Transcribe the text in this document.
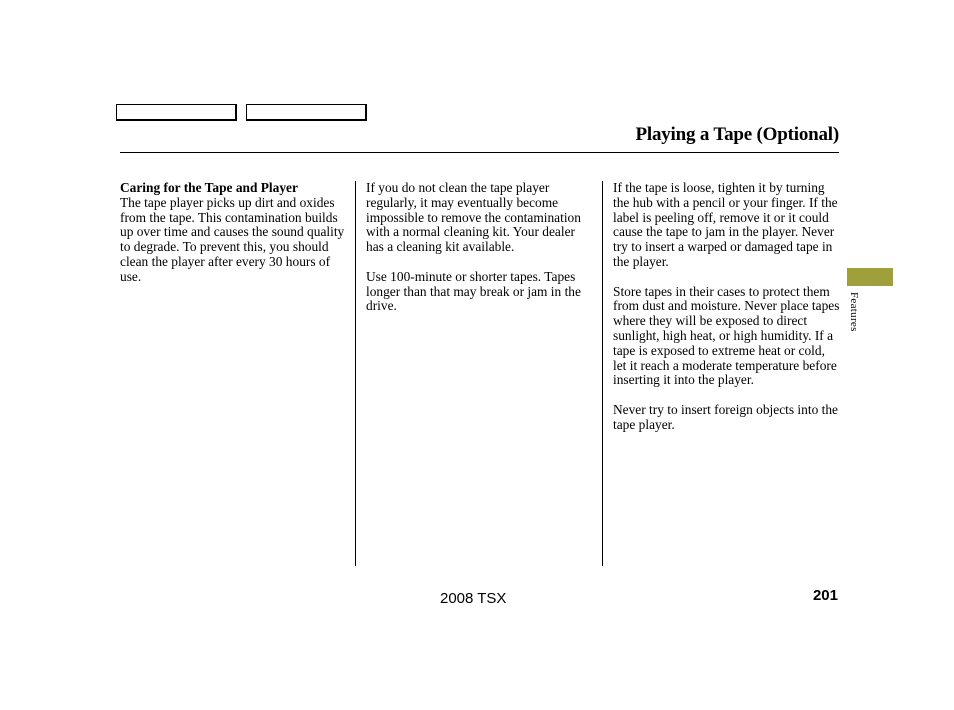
Playing a Tape (Optional)

Caring for the Tape and Player
The tape player picks up dirt and oxides from the tape. This contamination builds up over time and causes the sound quality to degrade. To prevent this, you should clean the player after every 30 hours of use.

If you do not clean the tape player regularly, it may eventually become impossible to remove the contamination with a normal cleaning kit. Your dealer has a cleaning kit available.

Use 100-minute or shorter tapes. Tapes longer than that may break or jam in the drive.

If the tape is loose, tighten it by turning the hub with a pencil or your finger. If the label is peeling off, remove it or it could cause the tape to jam in the player. Never try to insert a warped or damaged tape in the player.

Store tapes in their cases to protect them from dust and moisture. Never place tapes where they will be exposed to direct sunlight, high heat, or high humidity. If a tape is exposed to extreme heat or cold, let it reach a moderate temperature before inserting it into the player.

Never try to insert foreign objects into the tape player.

Features
2008 TSX	201
